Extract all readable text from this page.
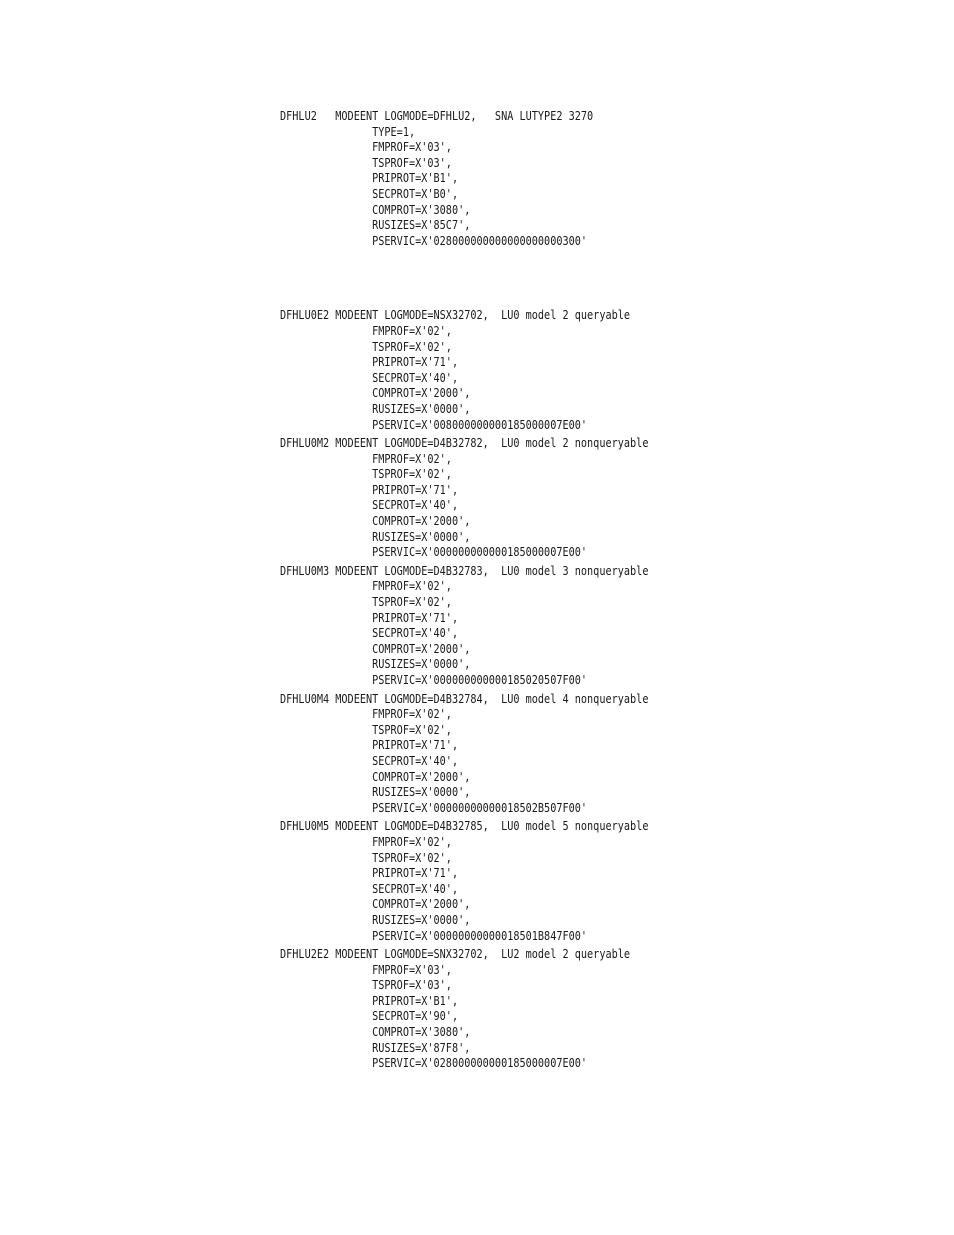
DFHLU2   MODEENT LOGMODE=DFHLU2,   SNA LUTYPE2 3270
TYPE=1,
FMPROF=X'03',
TSPROF=X'03',
PRIPROT=X'B1',
SECPROT=X'B0',
COMPROT=X'3080',
RUSIZES=X'85C7',
PSERVIC=X'028000000000000000000300'
DFHLU0E2 MODEENT LOGMODE=NSX32702,  LU0 model 2 queryable
FMPROF=X'02',
TSPROF=X'02',
PRIPROT=X'71',
SECPROT=X'40',
COMPROT=X'2000',
RUSIZES=X'0000',
PSERVIC=X'008000000000185000007E00'
DFHLU0M2 MODEENT LOGMODE=D4B32782,  LU0 model 2 nonqueryable
FMPROF=X'02',
TSPROF=X'02',
PRIPROT=X'71',
SECPROT=X'40',
COMPROT=X'2000',
RUSIZES=X'0000',
PSERVIC=X'000000000000185000007E00'
DFHLU0M3 MODEENT LOGMODE=D4B32783,  LU0 model 3 nonqueryable
FMPROF=X'02',
TSPROF=X'02',
PRIPROT=X'71',
SECPROT=X'40',
COMPROT=X'2000',
RUSIZES=X'0000',
PSERVIC=X'000000000000185020507F00'
DFHLU0M4 MODEENT LOGMODE=D4B32784,  LU0 model 4 nonqueryable
FMPROF=X'02',
TSPROF=X'02',
PRIPROT=X'71',
SECPROT=X'40',
COMPROT=X'2000',
RUSIZES=X'0000',
PSERVIC=X'00000000000018502B507F00'
DFHLU0M5 MODEENT LOGMODE=D4B32785,  LU0 model 5 nonqueryable
FMPROF=X'02',
TSPROF=X'02',
PRIPROT=X'71',
SECPROT=X'40',
COMPROT=X'2000',
RUSIZES=X'0000',
PSERVIC=X'00000000000018501B847F00'
DFHLU2E2 MODEENT LOGMODE=SNX32702,  LU2 model 2 queryable
FMPROF=X'03',
TSPROF=X'03',
PRIPROT=X'B1',
SECPROT=X'90',
COMPROT=X'3080',
RUSIZES=X'87F8',
PSERVIC=X'028000000000185000007E00'
